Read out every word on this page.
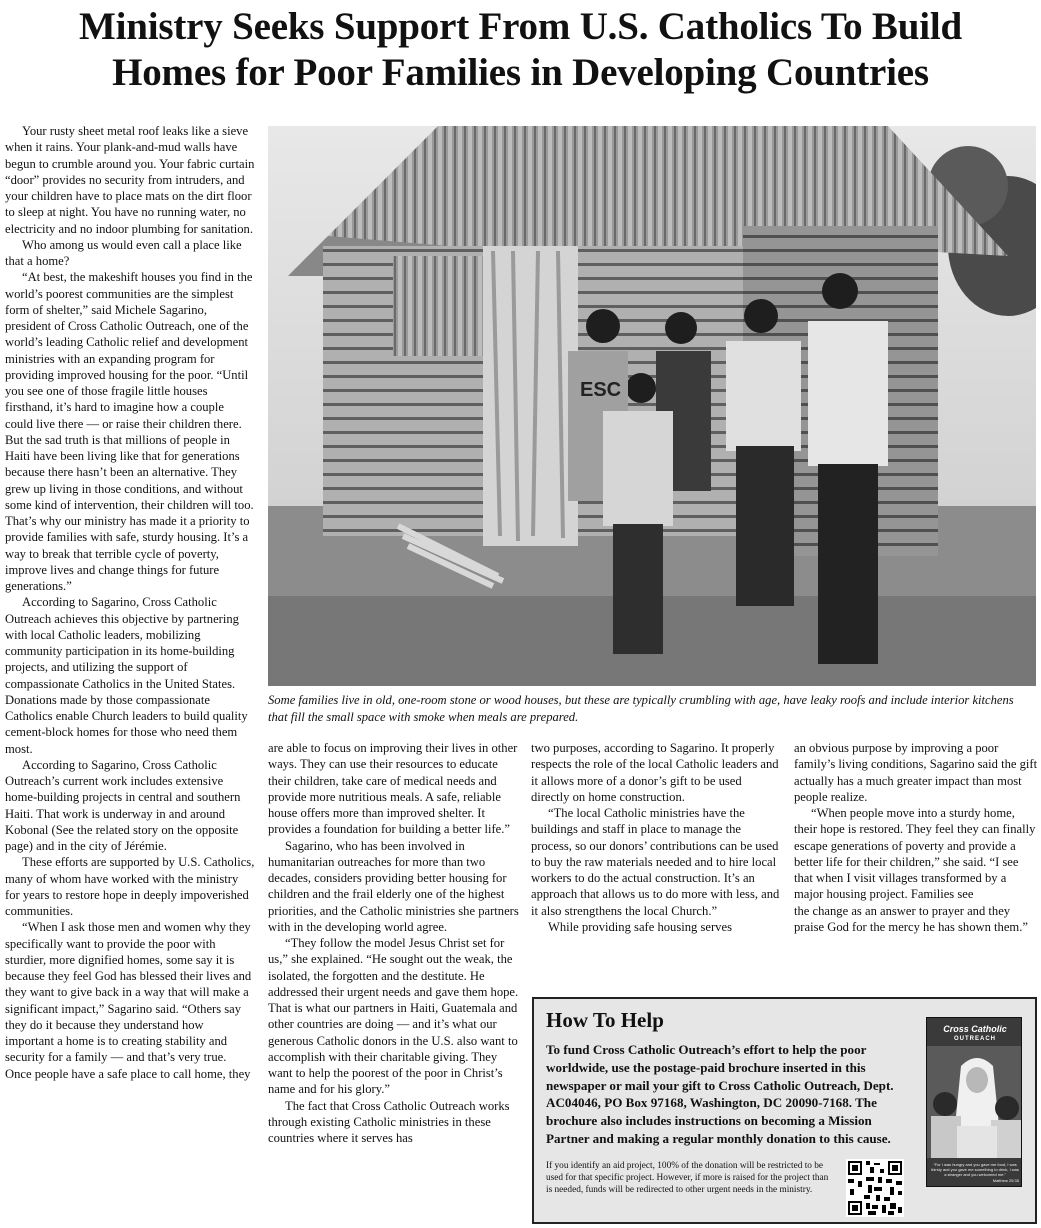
Ministry Seeks Support From U.S. Catholics To Build
Homes for Poor Families in Developing Countries

Your rusty sheet metal roof leaks like a sieve when it rains. Your plank-and-mud walls have begun to crumble around you. Your fabric curtain “door” provides no security from intruders, and your children have to place mats on the dirt floor to sleep at night. You have no running water, no electricity and no indoor plumbing for sanitation.

Who among us would even call a place like that a home?

“At best, the makeshift houses you find in the world’s poorest communities are the simplest form of shelter,” said Michele Sagarino, president of Cross Catholic Outreach, one of the world’s leading Catholic relief and development ministries with an expanding program for providing improved housing for the poor. “Until you see one of those fragile little houses firsthand, it’s hard to imagine how a couple could live there — or raise their children there. But the sad truth is that millions of people in Haiti have been living like that for generations because there hasn’t been an alternative. They grew up living in those conditions, and without some kind of intervention, their children will too. That’s why our ministry has made it a priority to provide families with safe, sturdy housing. It’s a way to break that terrible cycle of poverty, improve lives and change things for future generations.”

According to Sagarino, Cross Catholic Outreach achieves this objective by partnering with local Catholic leaders, mobilizing community participation in its home-building projects, and utilizing the support of compassionate Catholics in the United States. Donations made by those compassionate Catholics enable Church leaders to build quality cement-block homes for those who need them most.

According to Sagarino, Cross Catholic Outreach’s current work includes extensive home-building projects in central and southern Haiti. That work is underway in and around Kobonal (See the related story on the opposite page) and in the city of Jérémie.

These efforts are supported by U.S. Catholics, many of whom have worked with the ministry for years to restore hope in deeply impoverished communities.

“When I ask those men and women why they specifically want to provide the poor with sturdier, more dignified homes, some say it is because they feel God has blessed their lives and they want to give back in a way that will make a significant impact,” Sagarino said. “Others say they do it because they understand how important a home is to creating stability and security for a family — and that’s very true. Once people have a safe place to call home, they

ESC
Some families live in old, one-room stone or wood houses, but these are typically crumbling with age, have leaky roofs and include interior kitchens that fill the small space with smoke when meals are prepared.

are able to focus on improving their lives in other ways. They can use their resources to educate their children, take care of medical needs and provide more nutritious meals. A safe, reliable house offers more than improved shelter. It provides a foundation for building a better life.”

Sagarino, who has been involved in humanitarian outreaches for more than two decades, considers providing better housing for children and the frail elderly one of the highest priorities, and the Catholic ministries she partners with in the developing world agree.

“They follow the model Jesus Christ set for us,” she explained. “He sought out the weak, the isolated, the forgotten and the destitute. He addressed their urgent needs and gave them hope. That is what our partners in Haiti, Guatemala and other countries are doing — and it’s what our generous Catholic donors in the U.S. also want to accomplish with their charitable giving. They want to help the poorest of the poor in Christ’s name and for his glory.”

The fact that Cross Catholic Outreach works through existing Catholic ministries in these countries where it serves has

two purposes, according to Sagarino. It properly respects the role of the local Catholic leaders and it allows more of a donor’s gift to be used directly on home construction.

“The local Catholic ministries have the buildings and staff in place to manage the process, so our donors’ contributions can be used to buy the raw materials needed and to hire local workers to do the actual construction. It’s an approach that allows us to do more with less, and it also strengthens the local Church.”

While providing safe housing serves

an obvious purpose by improving a poor family’s living conditions, Sagarino said the gift actually has a much greater impact than most people realize.

“When people move into a sturdy home, their hope is restored. They feel they can finally escape generations of poverty and provide a better life for their children,” she said. “I see that when I visit villages transformed by a major housing project. Families see

the change as an answer to prayer and they praise God for the mercy he has shown them.”

How To Help
To fund Cross Catholic Outreach’s effort to help the poor worldwide, use the postage-paid brochure inserted in this newspaper or mail your gift to Cross Catholic Outreach, Dept. AC04046, PO Box 97168, Washington, DC 20090-7168. The brochure also includes instructions on becoming a Mission Partner and making a regular monthly donation to this cause.
If you identify an aid project, 100% of the donation will be restricted to be used for that specific project. However, if more is raised for the project than is needed, funds will be redirected to other urgent needs in the ministry.
Cross Catholic
OUTREACH
“For I was hungry and you gave me food, I was thirsty and you gave me something to drink, I was a stranger and you welcomed me.”
Matthew 25:35
